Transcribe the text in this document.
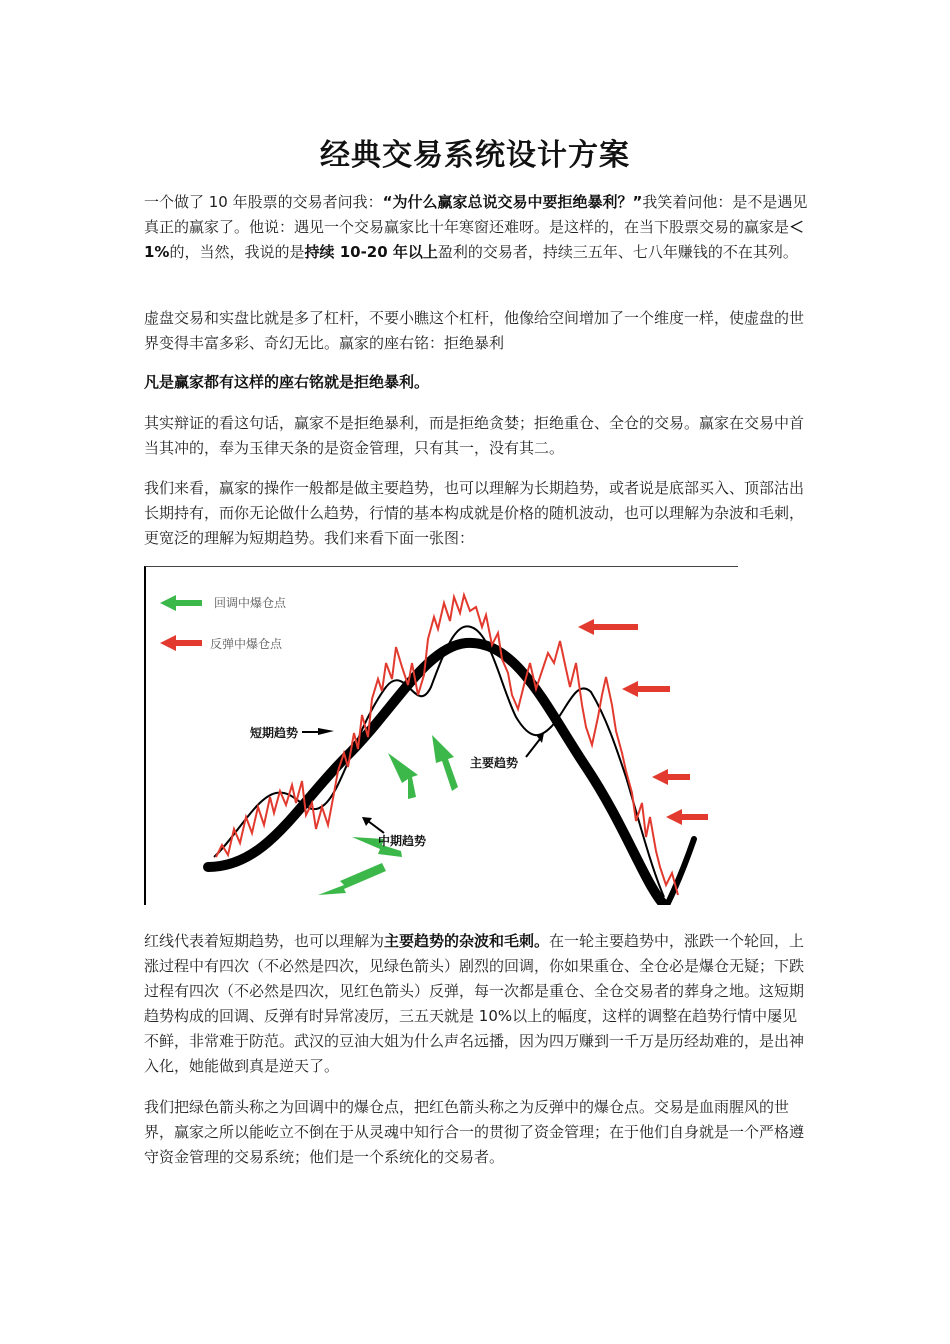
经典交易系统设计方案
一个做了 10 年股票的交易者问我：“为什么赢家总说交易中要拒绝暴利？”我笑着问他：是不是遇见真正的赢家了。他说：遇见一个交易赢家比十年寒窗还难呀。是这样的，在当下股票交易的赢家是＜1%的，当然，我说的是持续 10-20 年以上盈利的交易者，持续三五年、七八年赚钱的不在其列。
虚盘交易和实盘比就是多了杠杆，不要小瞧这个杠杆，他像给空间增加了一个维度一样，使虚盘的世界变得丰富多彩、奇幻无比。赢家的座右铭：拒绝暴利
凡是赢家都有这样的座右铭就是拒绝暴利。
其实辩证的看这句话，赢家不是拒绝暴利，而是拒绝贪婪；拒绝重仓、全仓的交易。赢家在交易中首当其冲的，奉为玉律天条的是资金管理，只有其一，没有其二。
我们来看，赢家的操作一般都是做主要趋势，也可以理解为长期趋势，或者说是底部买入、顶部沽出长期持有，而你无论做什么趋势，行情的基本构成就是价格的随机波动，也可以理解为杂波和毛刺，更宽泛的理解为短期趋势。我们来看下面一张图：
回调中爆仓点
反弹中爆仓点
短期趋势
主要趋势
中期趋势
红线代表着短期趋势，也可以理解为主要趋势的杂波和毛刺。在一轮主要趋势中，涨跌一个轮回，上涨过程中有四次（不必然是四次，见绿色箭头）剧烈的回调，你如果重仓、全仓必是爆仓无疑；下跌过程有四次（不必然是四次，见红色箭头）反弹，每一次都是重仓、全仓交易者的葬身之地。这短期趋势构成的回调、反弹有时异常凌厉，三五天就是 10%以上的幅度，这样的调整在趋势行情中屡见不鲜，非常难于防范。武汉的豆油大姐为什么声名远播，因为四万赚到一千万是历经劫难的，是出神入化，她能做到真是逆天了。
我们把绿色箭头称之为回调中的爆仓点，把红色箭头称之为反弹中的爆仓点。交易是血雨腥风的世界，赢家之所以能屹立不倒在于从灵魂中知行合一的贯彻了资金管理；在于他们自身就是一个严格遵守资金管理的交易系统；他们是一个系统化的交易者。
